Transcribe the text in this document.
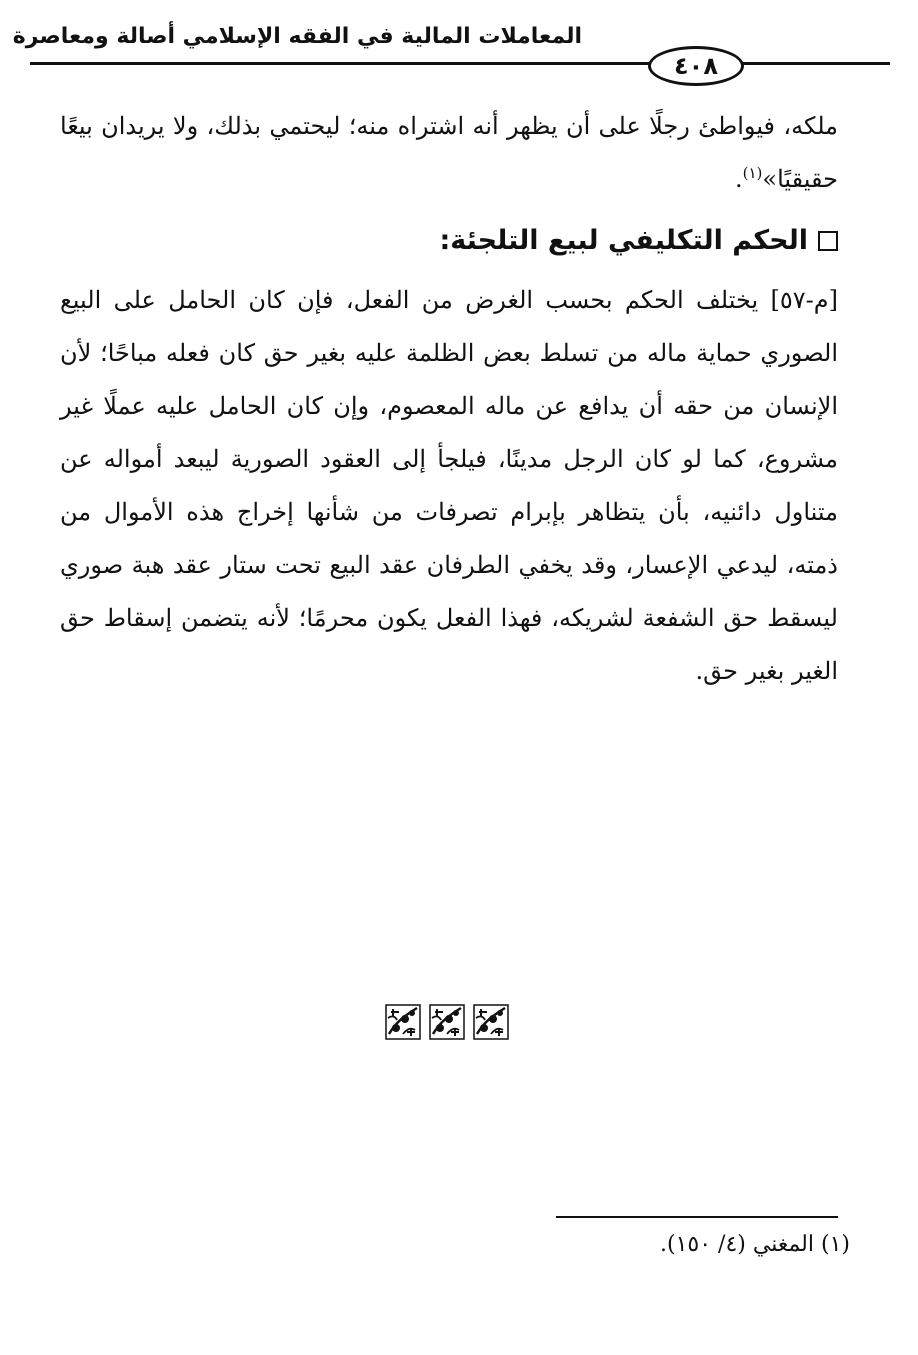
المعاملات المالية في الفقه الإسلامي أصالة ومعاصرة
٤٠٨

ملكه، فيواطئ رجلًا على أن يظهر أنه اشتراه منه؛ ليحتمي بذلك، ولا يريدان بيعًا حقيقيًا»$^{(١)}$.

الحكم التكليفي لبيع التلجئة:

[م-٥٧] يختلف الحكم بحسب الغرض من الفعل، فإن كان الحامل على البيع الصوري حماية ماله من تسلط بعض الظلمة عليه بغير حق كان فعله مباحًا؛ لأن الإنسان من حقه أن يدافع عن ماله المعصوم، وإن كان الحامل عليه عملًا غير مشروع، كما لو كان الرجل مدينًا، فيلجأ إلى العقود الصورية ليبعد أمواله عن متناول دائنيه، بأن يتظاهر بإبرام تصرفات من شأنها إخراج هذه الأموال من ذمته، ليدعي الإعسار، وقد يخفي الطرفان عقد البيع تحت ستار عقد هبة صوري ليسقط حق الشفعة لشريكه، فهذا الفعل يكون محرمًا؛ لأنه يتضمن إسقاط حق الغير بغير حق.

(١) المغني (٤/ ١٥٠).
